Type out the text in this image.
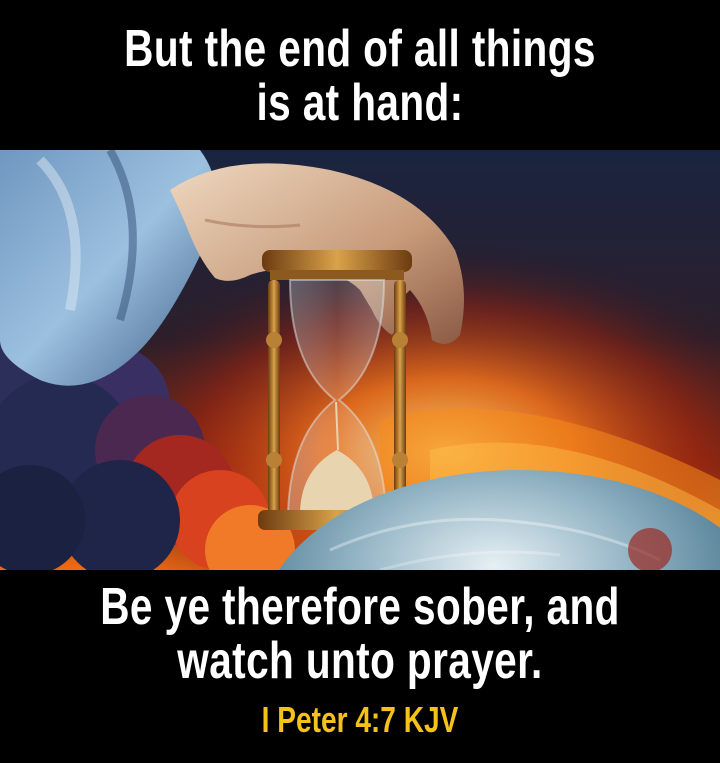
But the end of all things
is at hand:
Be ye therefore sober, and
watch unto prayer.
I Peter 4:7 KJV
